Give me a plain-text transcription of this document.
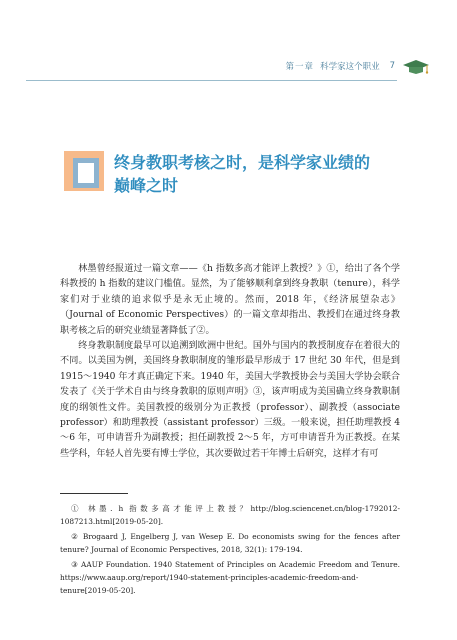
第一章 科学家这个职业 7
终身教职考核之时，是科学家业绩的
巅峰之时

林墨曾经报道过一篇文章——《h 指数多高才能评上教授？》①，给出了各个学科教授的 h 指数的建议门槛值。显然，为了能够顺利拿到终身教职（tenure），科学家们对于业绩的追求似乎是永无止境的。然而，2018 年，《经济展望杂志》（Journal of Economic Perspectives）的一篇文章却指出、教授们在通过终身教职考核之后的研究业绩显著降低了②。

终身教职制度最早可以追溯到欧洲中世纪。国外与国内的教授制度存在着很大的不同。以美国为例，美国终身教职制度的雏形最早形成于 17 世纪 30 年代，但是到 1915～1940 年才真正确定下来。1940 年，美国大学教授协会与美国大学协会联合发表了《关于学术自由与终身教职的原则声明》③，该声明成为美国确立终身教职制度的纲领性文件。美国教授的级别分为正教授（professor）、副教授（associate professor）和助理教授（assistant professor）三级。一般来说，担任助理教授 4～6 年，可申请晋升为副教授；担任副教授 2～5 年，方可申请晋升为正教授。在某些学科，年轻人首先要有博士学位，其次要做过若干年博士后研究，这样才有可

① 林墨. h 指数多高才能评上教授？http://blog.sciencenet.cn/blog-1792012-1087213.html[2019-05-20].

② Brogaard J, Engelberg J, van Wesep E. Do economists swing for the fences after tenure? Journal of Economic Perspectives, 2018, 32(1): 179-194.

③ AAUP Foundation. 1940 Statement of Principles on Academic Freedom and Tenure. https://www.aaup.org/report/1940-statement-principles-academic-freedom-and-tenure[2019-05-20].
